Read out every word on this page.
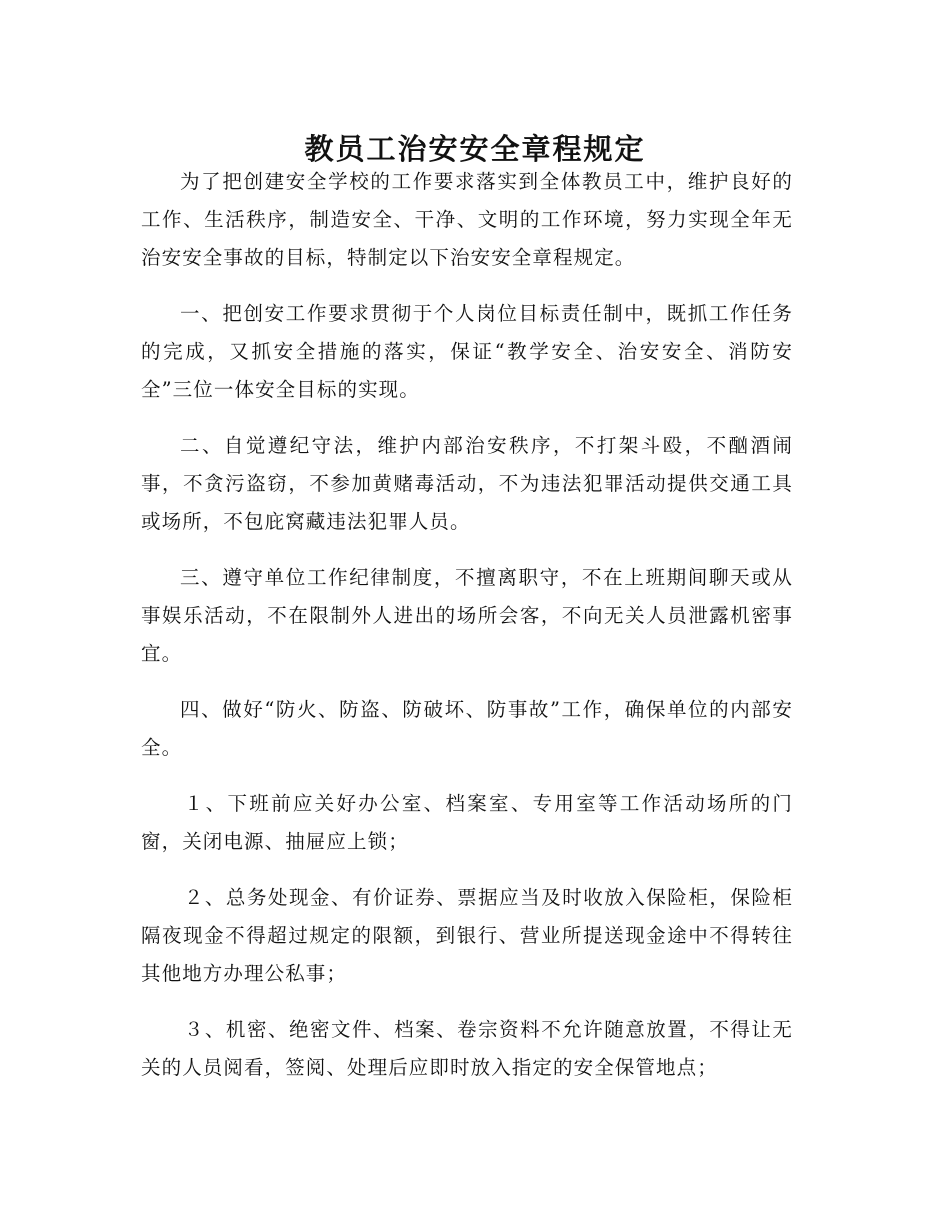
教员工治安安全章程规定

为了把创建安全学校的工作要求落实到全体教员工中，维护良好的工作、生活秩序，制造安全、干净、文明的工作环境，努力实现全年无治安安全事故的目标，特制定以下治安安全章程规定。

一、把创安工作要求贯彻于个人岗位目标责任制中，既抓工作任务的完成，又抓安全措施的落实，保证“教学安全、治安安全、消防安全”三位一体安全目标的实现。

二、自觉遵纪守法，维护内部治安秩序，不打架斗殴，不酗酒闹事，不贪污盗窃，不参加黄赌毒活动，不为违法犯罪活动提供交通工具或场所，不包庇窝藏违法犯罪人员。

三、遵守单位工作纪律制度，不擅离职守，不在上班期间聊天或从事娱乐活动，不在限制外人进出的场所会客，不向无关人员泄露机密事宜。

四、做好“防火、防盗、防破坏、防事故”工作，确保单位的内部安全。

１、下班前应关好办公室、档案室、专用室等工作活动场所的门窗，关闭电源、抽屉应上锁；

２、总务处现金、有价证券、票据应当及时收放入保险柜，保险柜隔夜现金不得超过规定的限额，到银行、营业所提送现金途中不得转往其他地方办理公私事；

３、机密、绝密文件、档案、卷宗资料不允许随意放置，不得让无关的人员阅看，签阅、处理后应即时放入指定的安全保管地点；
